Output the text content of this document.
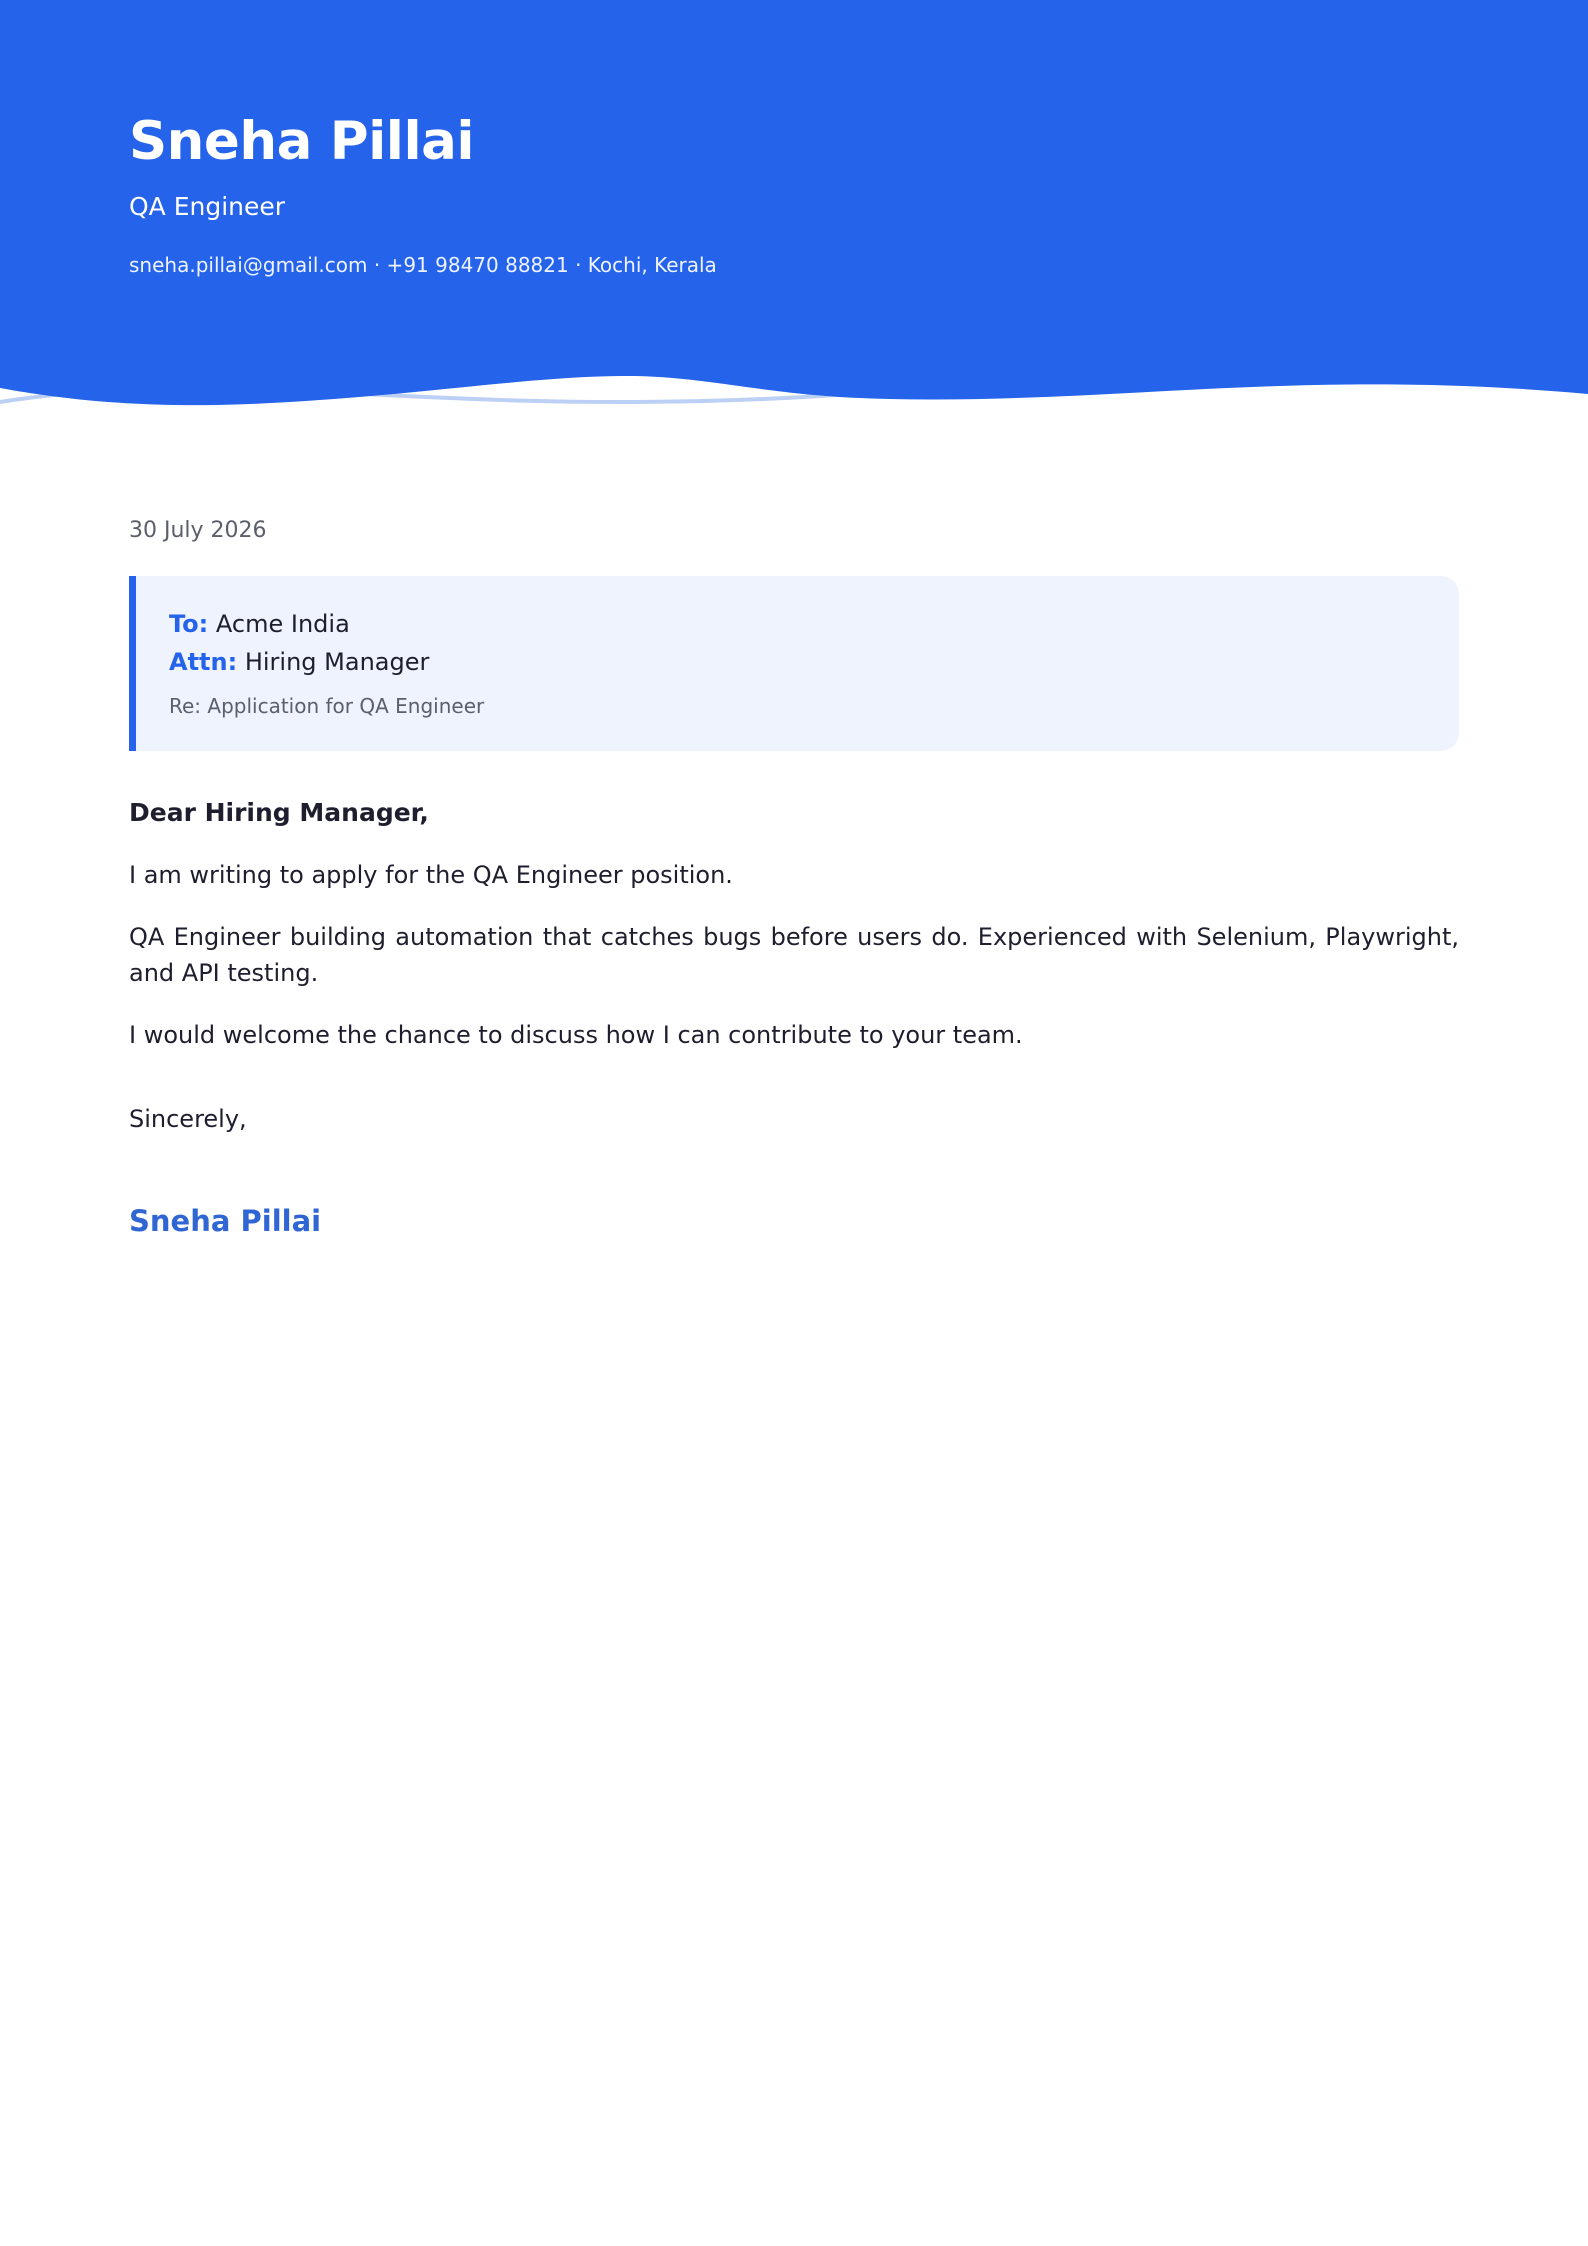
Sneha Pillai
QA Engineer
sneha.pillai@gmail.com · +91 98470 88821 · Kochi, Kerala
30 July 2026
To: Acme India
Attn: Hiring Manager
Re: Application for QA Engineer
Dear Hiring Manager,

I am writing to apply for the QA Engineer position.

QA Engineer building automation that catches bugs before users do. Experienced with Selenium, Playwright, and API testing.

I would welcome the chance to discuss how I can contribute to your team.

Sincerely,
Sneha Pillai
